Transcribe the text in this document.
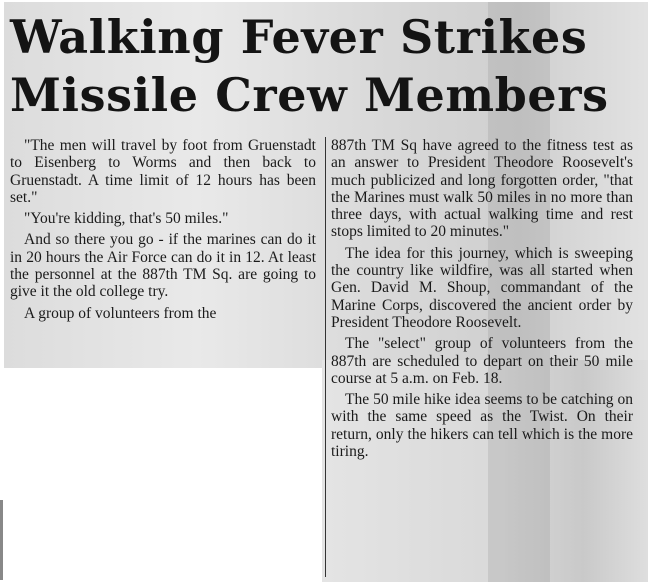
Walking Fever Strikes
Missile Crew Members

"The men will travel by foot from Gruenstadt to Eisenberg to Worms and then back to Gruenstadt. A time limit of 12 hours has been set."

"You're kidding, that's 50 miles."

And so there you go - if the marines can do it in 20 hours the Air Force can do it in 12. At least the personnel at the 887th TM Sq. are going to give it the old college try.

A group of volunteers from the

887th TM Sq have agreed to the fitness test as an answer to President Theodore Roosevelt's much publicized and long forgotten order, "that the Marines must walk 50 miles in no more than three days, with actual walking time and rest stops limited to 20 minutes."

The idea for this journey, which is sweeping the country like wildfire, was all started when Gen. David M. Shoup, commandant of the Marine Corps, discovered the ancient order by President Theodore Roosevelt.

The "select" group of volunteers from the 887th are scheduled to depart on their 50 mile course at 5 a.m. on Feb. 18.

The 50 mile hike idea seems to be catching on with the same speed as the Twist. On their return, only the hikers can tell which is the more tiring.
